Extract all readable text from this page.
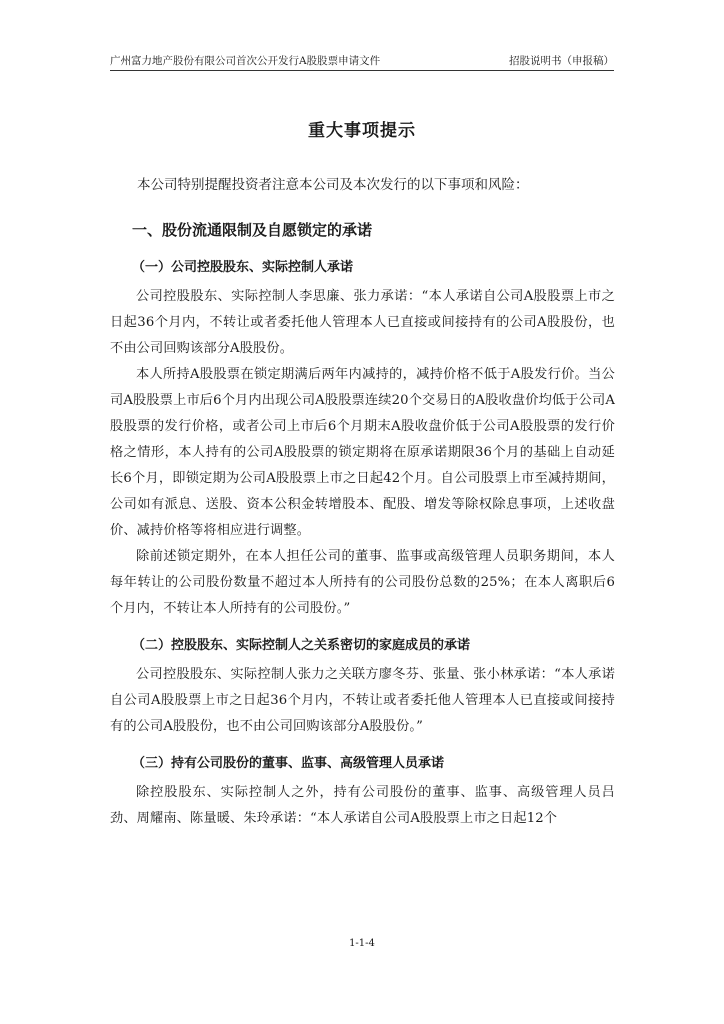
广州富力地产股份有限公司首次公开发行A股股票申请文件	招股说明书（申报稿）
重大事项提示

本公司特别提醒投资者注意本公司及本次发行的以下事项和风险：

一、股份流通限制及自愿锁定的承诺
（一）公司控股股东、实际控制人承诺

公司控股股东、实际控制人李思廉、张力承诺：“本人承诺自公司A股股票上市之日起36个月内，不转让或者委托他人管理本人已直接或间接持有的公司A股股份，也不由公司回购该部分A股股份。

本人所持A股股票在锁定期满后两年内减持的，减持价格不低于A股发行价。当公司A股股票上市后6个月内出现公司A股股票连续20个交易日的A股收盘价均低于公司A股股票的发行价格，或者公司上市后6个月期末A股收盘价低于公司A股股票的发行价格之情形，本人持有的公司A股股票的锁定期将在原承诺期限36个月的基础上自动延长6个月，即锁定期为公司A股股票上市之日起42个月。自公司股票上市至减持期间，公司如有派息、送股、资本公积金转增股本、配股、增发等除权除息事项，上述收盘价、减持价格等将相应进行调整。

除前述锁定期外，在本人担任公司的董事、监事或高级管理人员职务期间，本人每年转让的公司股份数量不超过本人所持有的公司股份总数的25%；在本人离职后6个月内，不转让本人所持有的公司股份。”

（二）控股股东、实际控制人之关系密切的家庭成员的承诺

公司控股股东、实际控制人张力之关联方廖冬芬、张量、张小林承诺：“本人承诺自公司A股股票上市之日起36个月内，不转让或者委托他人管理本人已直接或间接持有的公司A股股份，也不由公司回购该部分A股股份。”

（三）持有公司股份的董事、监事、高级管理人员承诺

除控股股东、实际控制人之外，持有公司股份的董事、监事、高级管理人员吕劲、周耀南、陈量暖、朱玲承诺：“本人承诺自公司A股股票上市之日起12个

1-1-4
